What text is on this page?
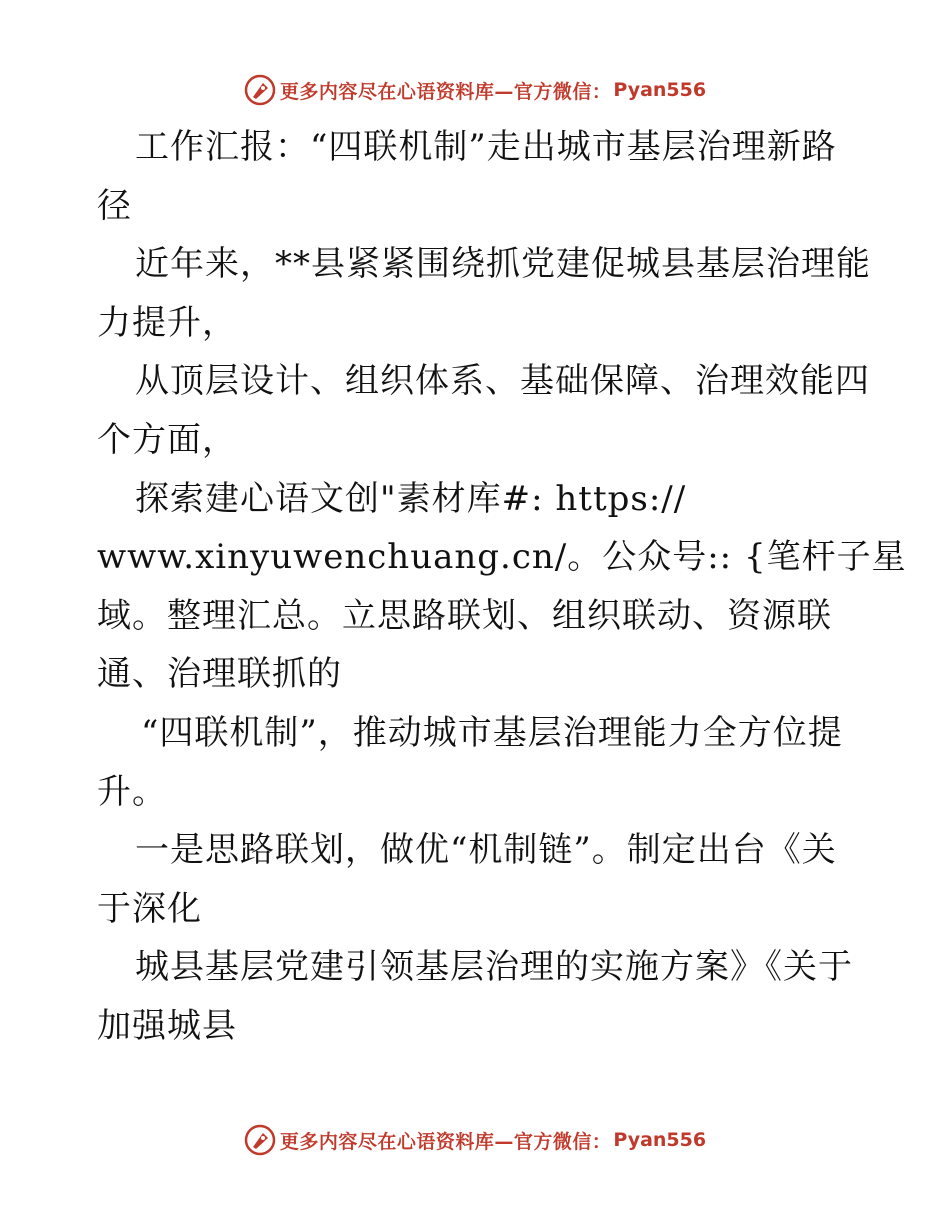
更多内容尽在心语资料库—官方微信： Pyan556
工作汇报：“四联机制”走出城市基层治理新路
径
近年来，**县紧紧围绕抓党建促城县基层治理能
力提升，
从顶层设计、组织体系、基础保障、治理效能四
个方面，
探索建心语文创"素材库#: https://
www.xinyuwenchuang.cn/。公众号:: {笔杆子星
域。整理汇总。立思路联划、组织联动、资源联
通、治理联抓的
“四联机制”，推动城市基层治理能力全方位提
升。
一是思路联划，做优“机制链”。制定出台《关
于深化
城县基层党建引领基层治理的实施方案》《关于
加强城县
更多内容尽在心语资料库—官方微信： Pyan556
